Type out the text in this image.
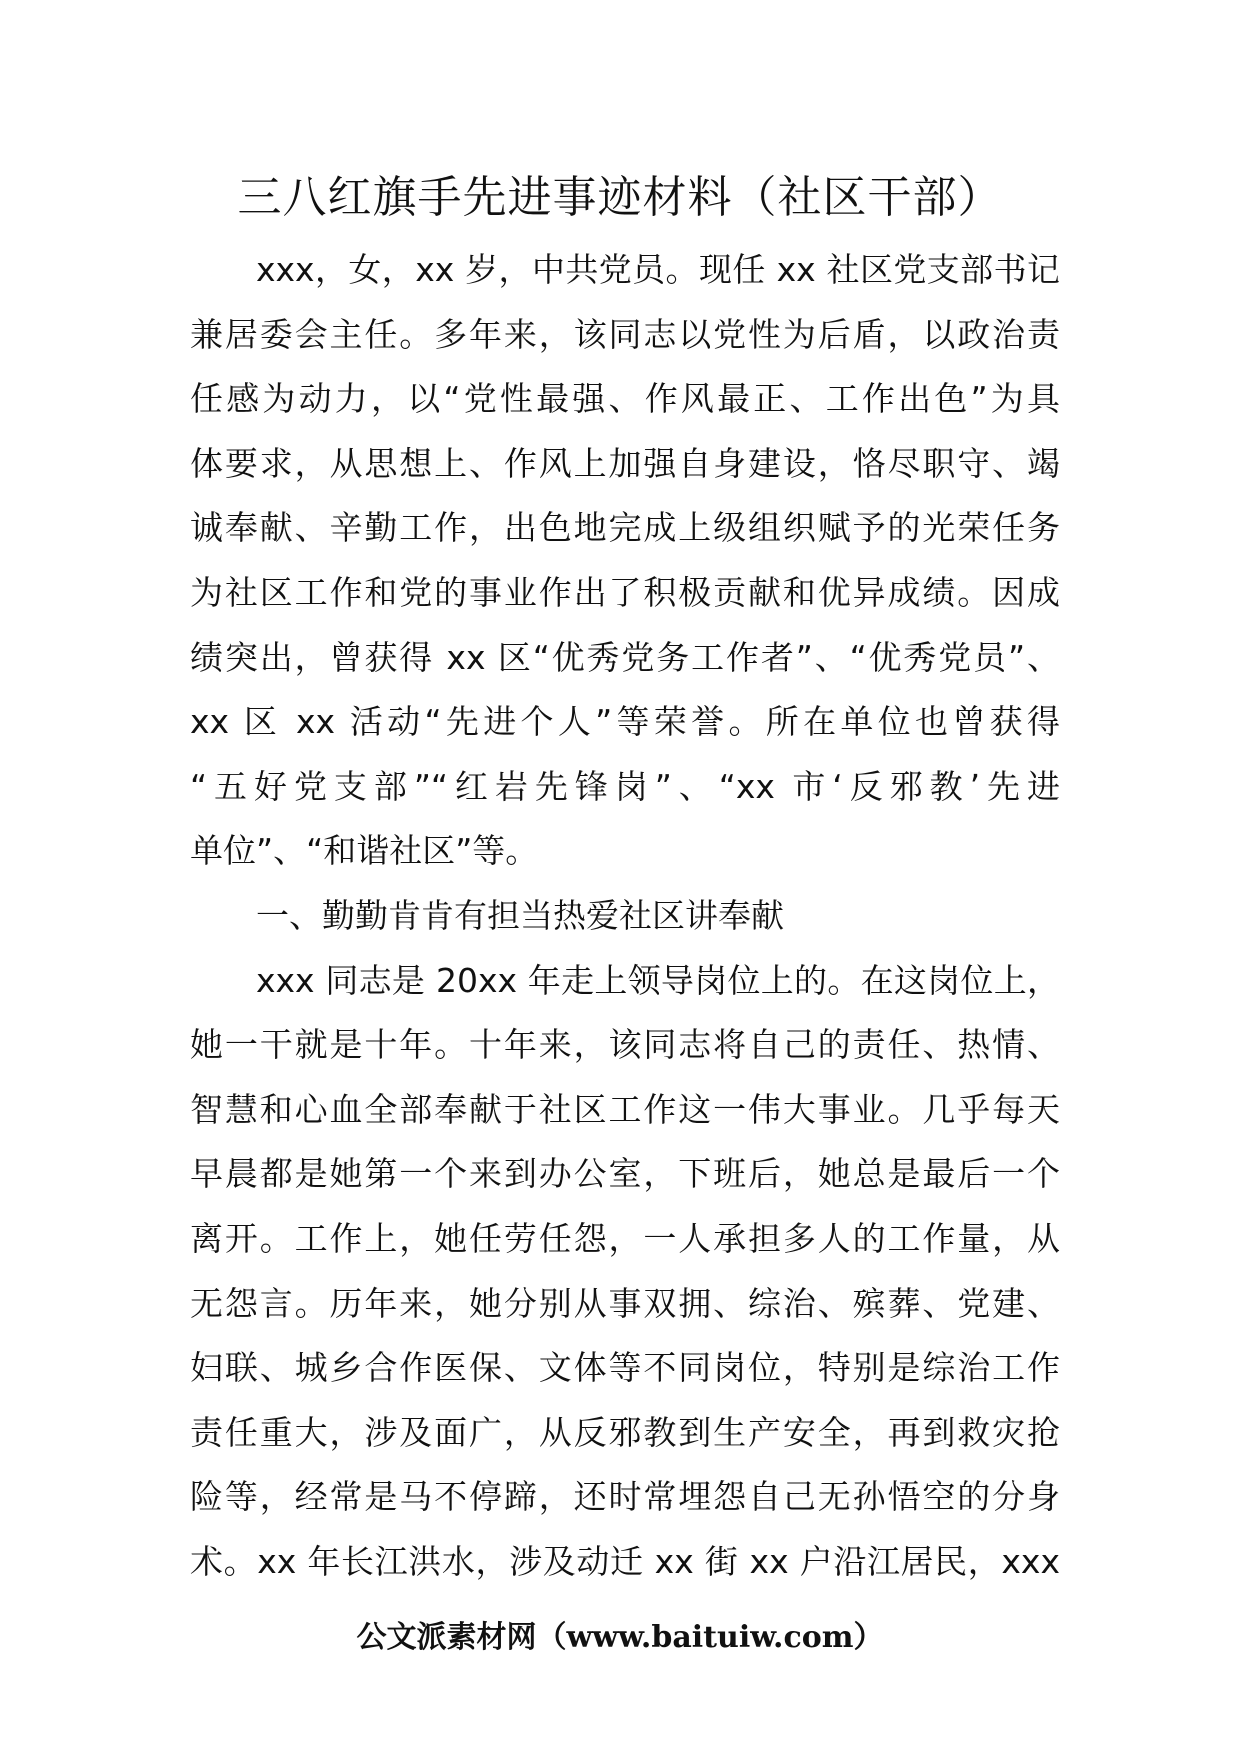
三八红旗手先进事迹材料（社区干部）
xxx，女，xx 岁，中共党员。现任 xx 社区党支部书记
兼居委会主任。多年来，该同志以党性为后盾，以政治责
任感为动力，以“党性最强、作风最正、工作出色”为具
体要求，从思想上、作风上加强自身建设，恪尽职守、竭
诚奉献、辛勤工作，出色地完成上级组织赋予的光荣任务
为社区工作和党的事业作出了积极贡献和优异成绩。因成
绩突出，曾获得 xx 区“优秀党务工作者”、“优秀党员”、
xx 区 xx 活动“先进个人”等荣誉。所在单位也曾获得
“五好党支部”“红岩先锋岗”、“xx 市‘反邪教’先进
单位”、“和谐社区”等。
一、勤勤肯肯有担当热爱社区讲奉献
xxx 同志是 20xx 年走上领导岗位上的。在这岗位上，
她一干就是十年。十年来，该同志将自己的责任、热情、
智慧和心血全部奉献于社区工作这一伟大事业。几乎每天
早晨都是她第一个来到办公室，下班后，她总是最后一个
离开。工作上，她任劳任怨，一人承担多人的工作量，从
无怨言。历年来，她分别从事双拥、综治、殡葬、党建、
妇联、城乡合作医保、文体等不同岗位，特别是综治工作
责任重大，涉及面广，从反邪教到生产安全，再到救灾抢
险等，经常是马不停蹄，还时常埋怨自己无孙悟空的分身
术。xx 年长江洪水，涉及动迁 xx 街 xx 户沿江居民，xxx
公文派素材网（www.baituiw.com）
